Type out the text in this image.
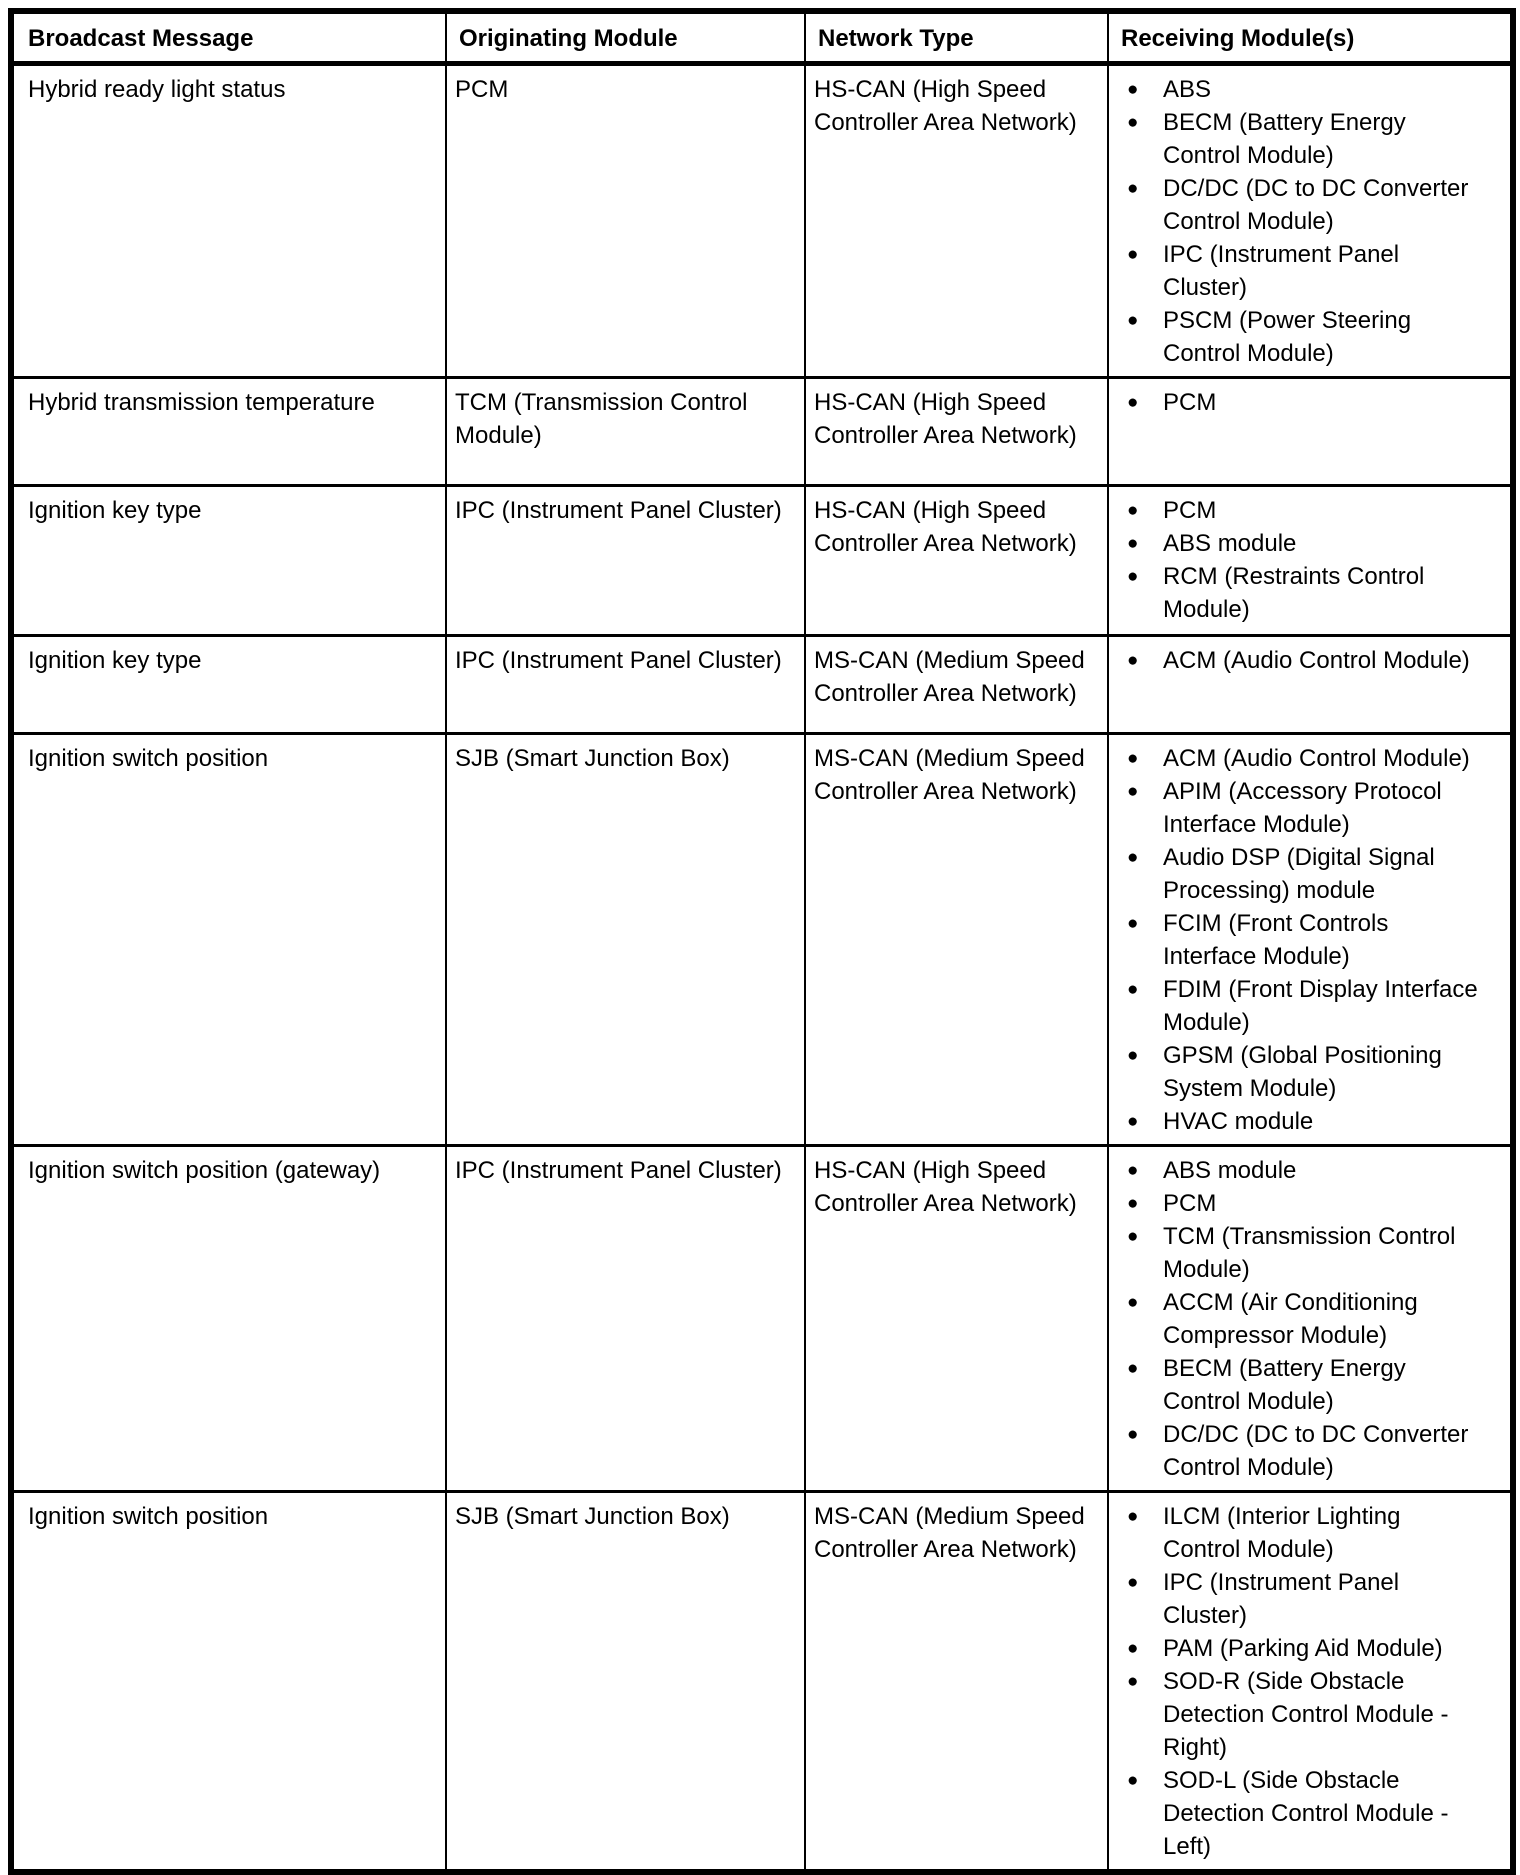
Broadcast Message	Originating Module	Network Type	Receiving Module(s)
Hybrid ready light status	PCM	HS-CAN (High Speed Controller Area Network)	
● ABS
● BECM (Battery Energy Control Module)
● DC/DC (DC to DC Converter Control Module)
● IPC (Instrument Panel Cluster)
● PSCM (Power Steering Control Module)

Hybrid transmission temperature	TCM (Transmission Control Module)	HS-CAN (High Speed Controller Area Network)	
● PCM

Ignition key type	IPC (Instrument Panel Cluster)	HS-CAN (High Speed Controller Area Network)	
● PCM
● ABS module
● RCM (Restraints Control Module)

Ignition key type	IPC (Instrument Panel Cluster)	MS-CAN (Medium Speed Controller Area Network)	
● ACM (Audio Control Module)

Ignition switch position	SJB (Smart Junction Box)	MS-CAN (Medium Speed Controller Area Network)	
● ACM (Audio Control Module)
● APIM (Accessory Protocol Interface Module)
● Audio DSP (Digital Signal Processing) module
● FCIM (Front Controls Interface Module)
● FDIM (Front Display Interface Module)
● GPSM (Global Positioning System Module)
● HVAC module

Ignition switch position (gateway)	IPC (Instrument Panel Cluster)	HS-CAN (High Speed Controller Area Network)	
● ABS module
● PCM
● TCM (Transmission Control Module)
● ACCM (Air Conditioning Compressor Module)
● BECM (Battery Energy Control Module)
● DC/DC (DC to DC Converter Control Module)

Ignition switch position	SJB (Smart Junction Box)	MS-CAN (Medium Speed Controller Area Network)	
● ILCM (Interior Lighting Control Module)
● IPC (Instrument Panel Cluster)
● PAM (Parking Aid Module)
● SOD-R (Side Obstacle Detection Control Module - Right)
● SOD-L (Side Obstacle Detection Control Module - Left)
